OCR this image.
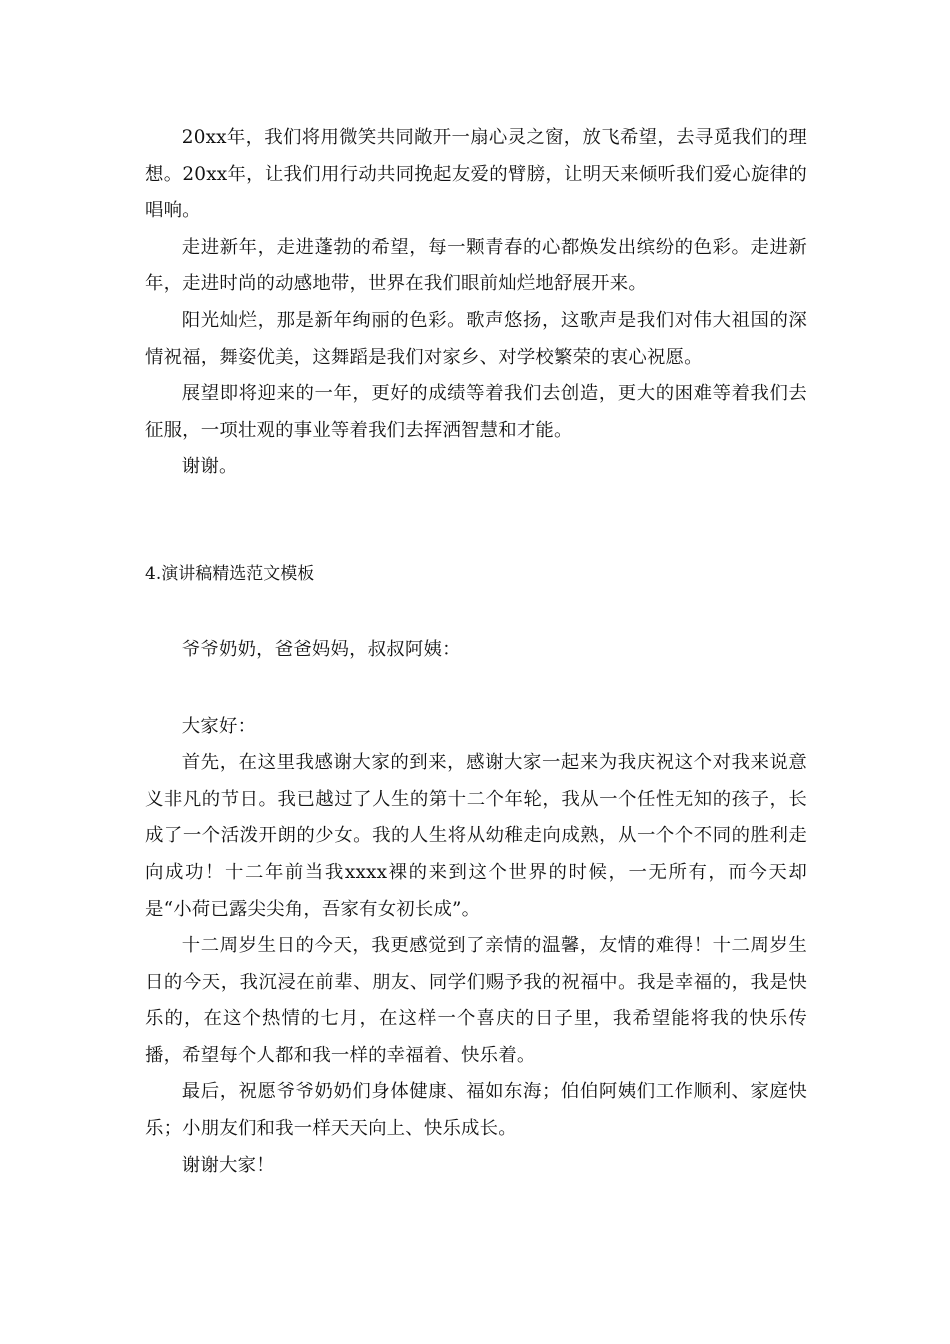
20xx年，我们将用微笑共同敞开一扇心灵之窗，放飞希望，去寻觅我们的理想。20xx年，让我们用行动共同挽起友爱的臂膀，让明天来倾听我们爱心旋律的唱响。

走进新年，走进蓬勃的希望，每一颗青春的心都焕发出缤纷的色彩。走进新年，走进时尚的动感地带，世界在我们眼前灿烂地舒展开来。

阳光灿烂，那是新年绚丽的色彩。歌声悠扬，这歌声是我们对伟大祖国的深情祝福，舞姿优美，这舞蹈是我们对家乡、对学校繁荣的衷心祝愿。

展望即将迎来的一年，更好的成绩等着我们去创造，更大的困难等着我们去征服，一项壮观的事业等着我们去挥洒智慧和才能。

谢谢。

4.演讲稿精选范文模板

爷爷奶奶，爸爸妈妈，叔叔阿姨：

大家好：

首先，在这里我感谢大家的到来，感谢大家一起来为我庆祝这个对我来说意义非凡的节日。我已越过了人生的第十二个年轮，我从一个任性无知的孩子，长成了一个活泼开朗的少女。我的人生将从幼稚走向成熟，从一个个不同的胜利走向成功！十二年前当我xxxx裸的来到这个世界的时候，一无所有，而今天却是“小荷已露尖尖角，吾家有女初长成”。

十二周岁生日的今天，我更感觉到了亲情的温馨，友情的难得！十二周岁生日的今天，我沉浸在前辈、朋友、同学们赐予我的祝福中。我是幸福的，我是快乐的，在这个热情的七月，在这样一个喜庆的日子里，我希望能将我的快乐传播，希望每个人都和我一样的幸福着、快乐着。

最后，祝愿爷爷奶奶们身体健康、福如东海；伯伯阿姨们工作顺利、家庭快乐；小朋友们和我一样天天向上、快乐成长。

谢谢大家！
